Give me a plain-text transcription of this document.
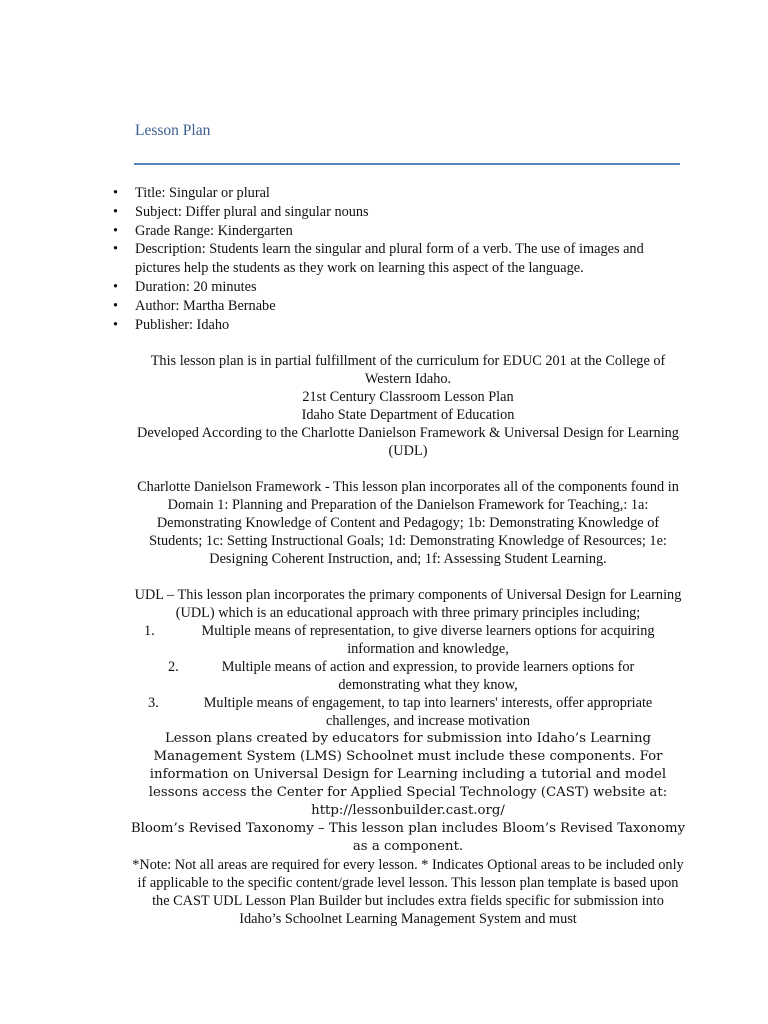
Lesson Plan
• Title: Singular or plural
• Subject: Differ plural and singular nouns
• Grade Range: Kindergarten
• Description: Students learn the singular and plural form of a verb. The use of images and pictures help the students as they work on learning this aspect of the language.
• Duration: 20 minutes
• Author: Martha Bernabe
• Publisher: Idaho

This lesson plan is in partial fulfillment of the curriculum for EDUC 201 at the College of Western Idaho.

21st Century Classroom Lesson Plan

Idaho State Department of Education

Developed According to the Charlotte Danielson Framework & Universal Design for Learning (UDL)

Charlotte Danielson Framework - This lesson plan incorporates all of the components found in Domain 1: Planning and Preparation of the Danielson Framework for Teaching,: 1a: Demonstrating Knowledge of Content and Pedagogy; 1b: Demonstrating Knowledge of Students; 1c: Setting Instructional Goals; 1d: Demonstrating Knowledge of Resources; 1e: Designing Coherent Instruction, and; 1f: Assessing Student Learning.

UDL – This lesson plan incorporates the primary components of Universal Design for Learning (UDL) which is an educational approach with three primary principles including;

1.	Multiple means of representation, to give diverse learners options for acquiring information and knowledge,
2.	Multiple means of action and expression, to provide learners options for demonstrating what they know,
3.	Multiple means of engagement, to tap into learners' interests, offer appropriate challenges, and increase motivation

Lesson plans created by educators for submission into Idaho’s Learning Management System (LMS) Schoolnet must include these components. For information on Universal Design for Learning including a tutorial and model lessons access the Center for Applied Special Technology (CAST) website at: http://lessonbuilder.cast.org/

Bloom’s Revised Taxonomy – This lesson plan includes Bloom’s Revised Taxonomy as a component.

*Note: Not all areas are required for every lesson. * Indicates Optional areas to be included only if applicable to the specific content/grade level lesson. This lesson plan template is based upon the CAST UDL Lesson Plan Builder but includes extra fields specific for submission into Idaho’s Schoolnet Learning Management System and must
